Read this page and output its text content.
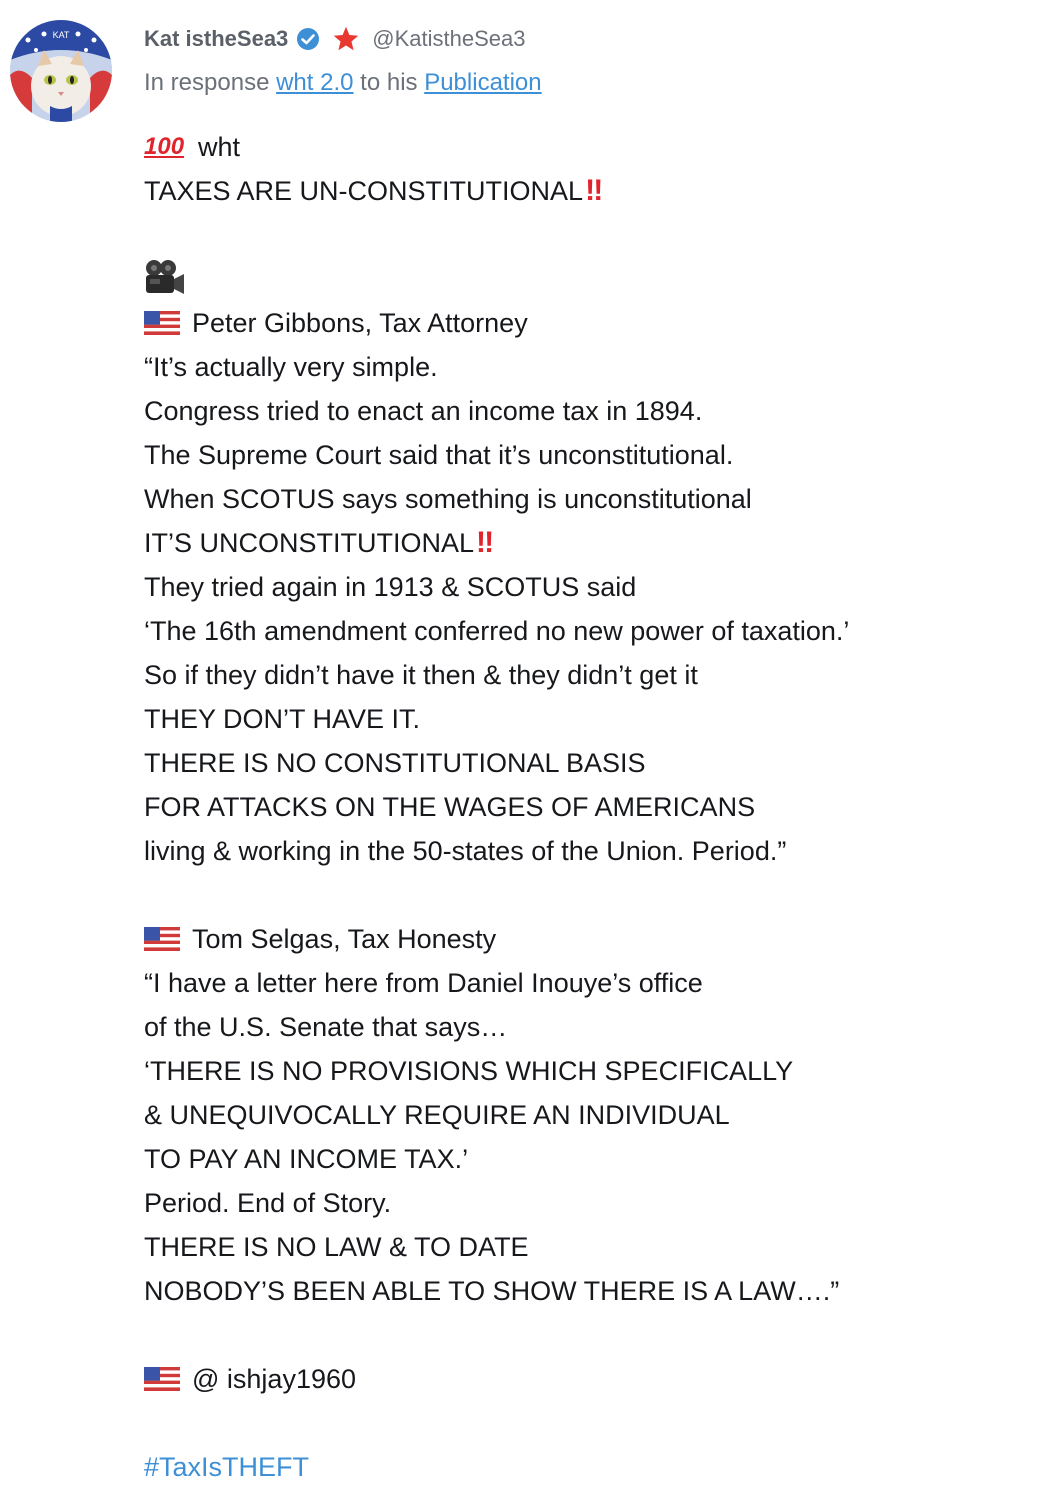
KAT	Kat istheSea3	@KatistheSea3
In response wht 2.0 to his Publication
100 wht
TAXES ARE UN-CONSTITUTIONAL ‼
Peter Gibbons, Tax Attorney
“It’s actually very simple.
Congress tried to enact an income tax in 1894.
The Supreme Court said that it’s unconstitutional.
When SCOTUS says something is unconstitutional
IT’S UNCONSTITUTIONAL ‼
They tried again in 1913 & SCOTUS said
‘The 16th amendment conferred no new power of taxation.’
So if they didn’t have it then & they didn’t get it
THEY DON’T HAVE IT.
THERE IS NO CONSTITUTIONAL BASIS
FOR ATTACKS ON THE WAGES OF AMERICANS
living & working in the 50-states of the Union. Period.”
Tom Selgas, Tax Honesty
“I have a letter here from Daniel Inouye’s office
of the U.S. Senate that says…
‘THERE IS NO PROVISIONS WHICH SPECIFICALLY
& UNEQUIVOCALLY REQUIRE AN INDIVIDUAL
TO PAY AN INCOME TAX.’
Period. End of Story.
THERE IS NO LAW & TO DATE
NOBODY’S BEEN ABLE TO SHOW THERE IS A LAW….”
@ ishjay1960
#TaxIsTHEFT
